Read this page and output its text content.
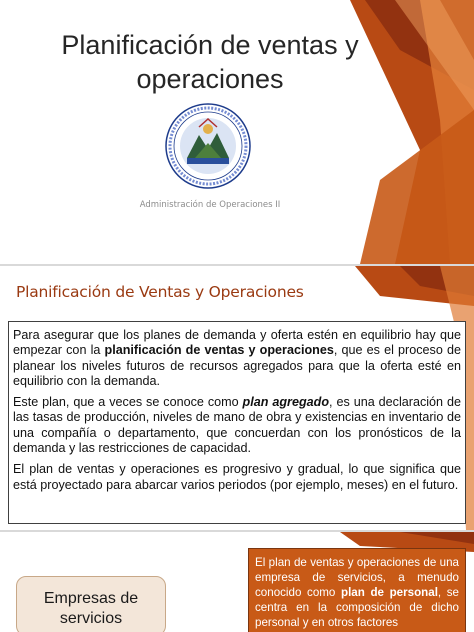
Planificación de ventas y operaciones
Administración de Operaciones II
Planificación de Ventas y Operaciones

Para asegurar que los planes de demanda y oferta estén en equilibrio hay que empezar con la planificación de ventas y operaciones, que es el proceso de planear los niveles futuros de recursos agregados para que la oferta esté en equilibrio con la demanda.

Este plan, que a veces se conoce como plan agregado, es una declaración de las tasas de producción, niveles de mano de obra y existencias en inventario de una compañía o departamento, que concuerdan con los pronósticos de la demanda y las restricciones de capacidad.

El plan de ventas y operaciones es progresivo y gradual, lo que significa que está proyectado para abarcar varios periodos (por ejemplo, meses) en el futuro.

Empresas de servicios
El plan de ventas y operaciones de una empresa de servicios, a menudo conocido como plan de personal, se centra en la composición de dicho personal y en otros factores
